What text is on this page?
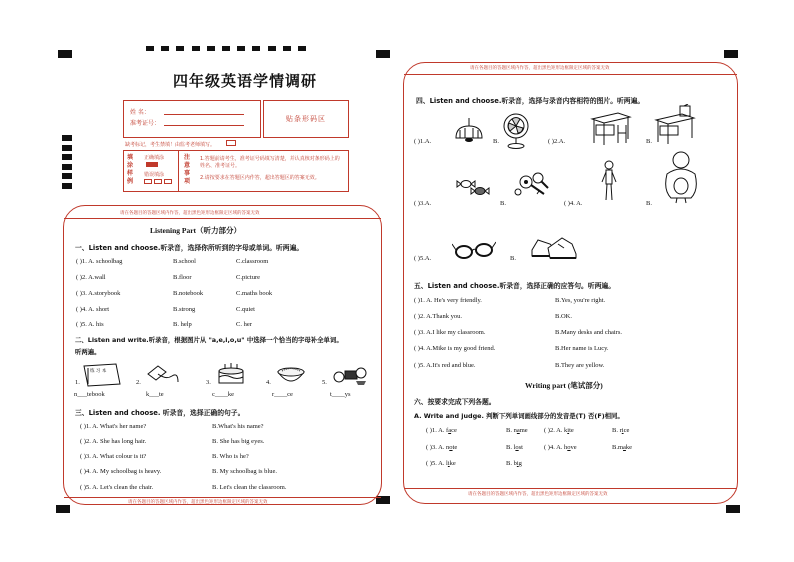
四年级英语学情调研
姓 名：
准考证号：
贴条形码区
缺考标记，考生禁填！由监考老师填写。
填涂样例
正确填涂
错误填涂
注意事项
1.答题前请考生，准考证号码填写清楚，并认真核对条形码上的姓名、准考证号。
2.请按要求在答题区内作答，超出答题区的答案无效。
请在各题目的答题区域内作答，超出黑色矩形边框限定区域的答案无效
请在各题目的答题区域内作答，超出黑色矩形边框限定区域的答案无效
Listening Part（听力部分）
一、Listen and choose.听录音，选择你所听到的字母或单词。听两遍。
( )1. A. schoolbag	B.school	C.classroom
( )2. A.wall	B.floor	C.picture
( )3. A.storybook	B.notebook	C.maths book
( )4. A. short	B.strong	C.quiet
( )5. A. his	B. help	C. her
二、Listen and write.听录音，根据图片从 "a,e,i,o,u" 中选择一个恰当的字母补全单词。
听两遍。
1.
练 习 本
2.	3.	4.	5.
n___tebook	k___te	c____ke	r____ce	t____ys
三、Listen and choose. 听录音，选择正确的句子。
( )1. A. What's her name?	B.What's his name?
( )2. A. She has long hair.	B. She has big eyes.
( )3. A. What colour is it?	B. Who is he?
( )4. A. My schoolbag is heavy.	B. My schoolbag is blue.
( )5. A. Let's clean the chair.	B. Let's clean the classroom.
请在各题目的答题区域内作答，超出黑色矩形边框限定区域的答案无效
请在各题目的答题区域内作答，超出黑色矩形边框限定区域的答案无效
四、Listen and choose.听录音，选择与录音内容相符的图片。听两遍。
( )1.A.	B.	( )2.A.	B.
( )3.A.	B.	( )4. A.	B.
( )5.A.	B.
五、Listen and choose.听录音，选择正确的应答句。听两遍。
( )1. A. He's very friendly.	B.Yes, you're right.
( )2. A.Thank you.	B.OK.
( )3. A.I like my classroom.	B.Many desks and chairs.
( )4. A.Mike is my good friend.	B.Her name is Lucy.
( )5. A.It's red and blue.	B.They are yellow.
Writing part (笔试部分)
六、按要求完成下列各题。
A. Write and judge. 判断下列单词画线部分的发音是(T) 否(F)相同。
( )1. A. face	B. name	( )2. A. kite	B. rice
( )3. A. note	B. lost	( )4. A. hove	B.make
( )5. A. like	B. big
